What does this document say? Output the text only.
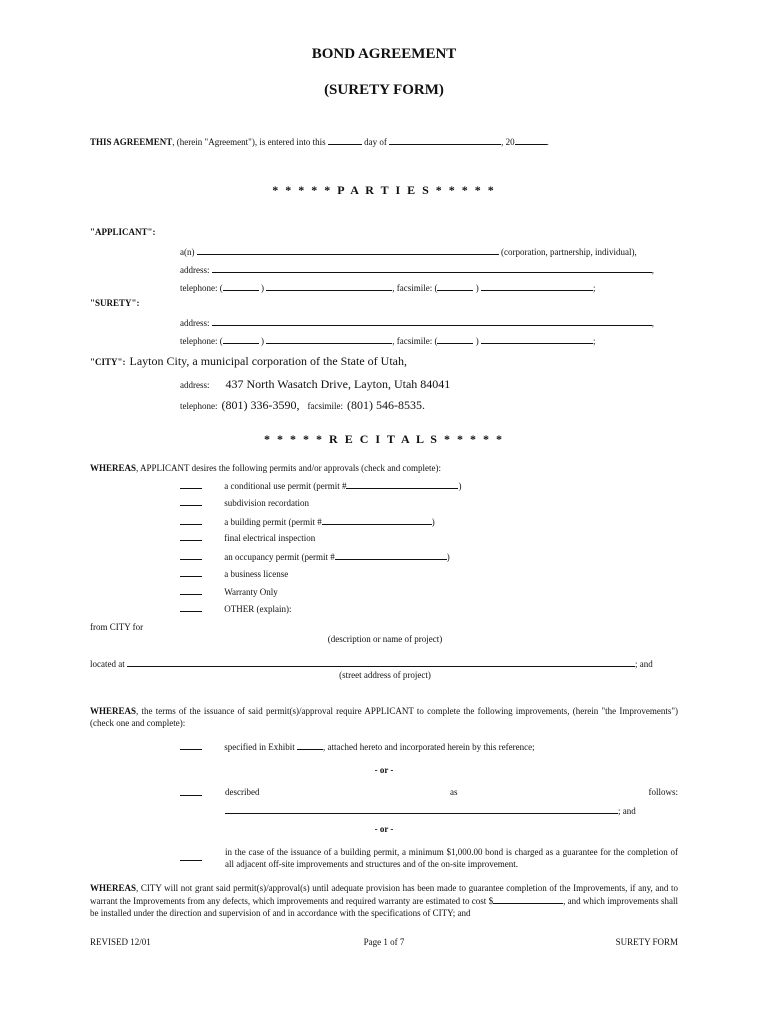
BOND AGREEMENT
(SURETY FORM)
THIS AGREEMENT, (herein "Agreement"), is entered into this	day of	, 20	.
* * * * * P A R T I E S * * * * *
"APPLICANT":
a(n)	(corporation, partnership, individual),
address:	,
telephone: (	)	, facsimile: (	)	;
"SURETY":
address:	,
telephone: (	)	, facsimile: (	)	;
"CITY": Layton City, a municipal corporation of the State of Utah,
address: 437 North Wasatch Drive, Layton, Utah 84041
telephone: (801) 336-3590, facsimile: (801) 546-8535.
* * * * * R E C I T A L S * * * * *
WHEREAS, APPLICANT desires the following permits and/or approvals (check and complete):
a conditional use permit (permit #	)
subdivision recordation
a building permit (permit #	)
final electrical inspection
an occupancy permit (permit #	)
a business license
Warranty Only
OTHER (explain):
from CITY for
(description or name of project)
located at	; and
(street address of project)
WHEREAS, the terms of the issuance of said permit(s)/approval require APPLICANT to complete the following improvements, (herein "the Improvements") (check one and complete):
specified in Exhibit	, attached hereto and incorporated herein by this reference;
- or -
described	as	follows:
; and
- or -
in the case of the issuance of a building permit, a minimum $1,000.00 bond is charged as a guarantee for the completion of all adjacent off-site improvements and structures and of the on-site improvement.
WHEREAS, CITY will not grant said permit(s)/approval(s) until adequate provision has been made to guarantee completion of the Improvements, if any, and to warrant the Improvements from any defects, which improvements and required warranty are estimated to cost $	, and which improvements shall be installed under the direction and supervision of and in accordance with the specifications of CITY; and
REVISED 12/01	Page 1 of 7	SURETY FORM
